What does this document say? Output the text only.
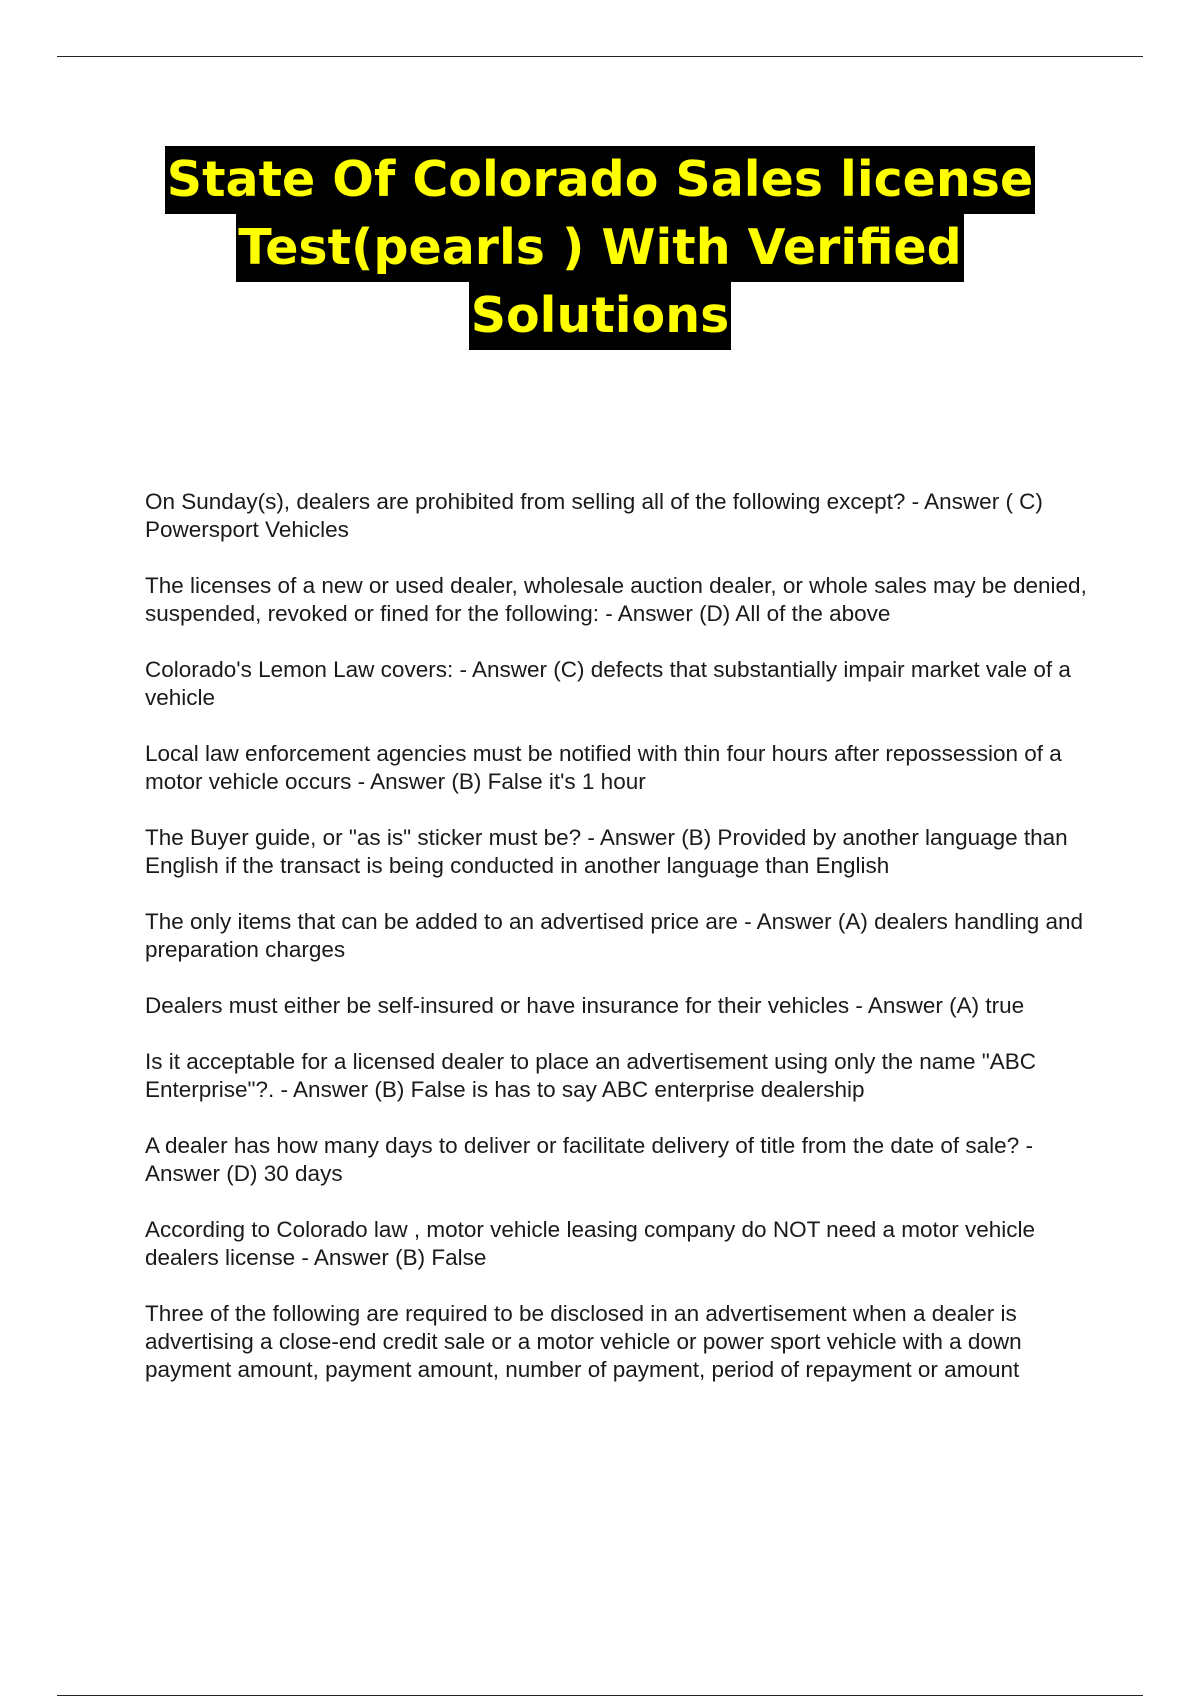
State Of Colorado Sales license
Test(pearls ) With Verified
Solutions

On Sunday(s), dealers are prohibited from selling all of the following except? - Answer ( C) Powersport Vehicles

The licenses of a new or used dealer, wholesale auction dealer, or whole sales may be denied, suspended, revoked or fined for the following: - Answer (D) All of the above

Colorado's Lemon Law covers: - Answer (C) defects that substantially impair market vale of a vehicle

Local law enforcement agencies must be notified with thin four hours after repossession of a motor vehicle occurs - Answer (B) False it's 1 hour

The Buyer guide, or "as is" sticker must be? - Answer (B) Provided by another language than English if the transact is being conducted in another language than English

The only items that can be added to an advertised price are - Answer (A) dealers handling and preparation charges

Dealers must either be self-insured or have insurance for their vehicles - Answer (A) true

Is it acceptable for a licensed dealer to place an advertisement using only the name "ABC Enterprise"?. - Answer (B) False is has to say ABC enterprise dealership

A dealer has how many days to deliver or facilitate delivery of title from the date of sale? - Answer (D) 30 days

According to Colorado law , motor vehicle leasing company do NOT need a motor vehicle dealers license - Answer (B) False

Three of the following are required to be disclosed in an advertisement when a dealer is advertising a close-end credit sale or a motor vehicle or power sport vehicle with a down payment amount, payment amount, number of payment, period of repayment or amount
